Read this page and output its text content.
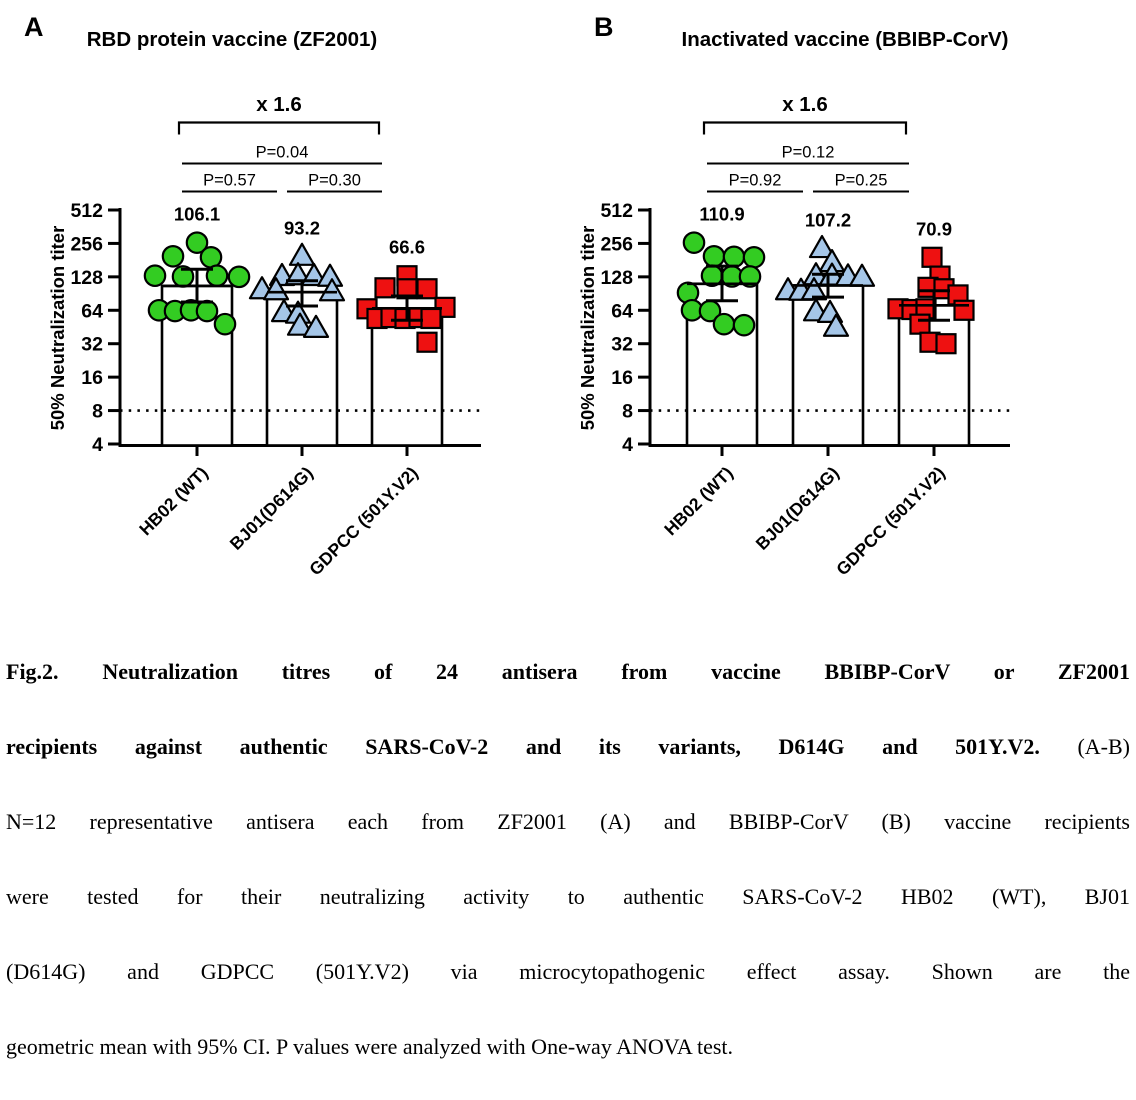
A RBD protein vaccine (ZF2001)
512
256
128
64
32
16
8
4
50% Neutralization titer
106.1
HB02 (WT)
93.2
BJ01(D614G)
66.6
GDPCC (501Y.V2)
P=0.04
P=0.57	P=0.30
x 1.6
B	Inactivated vaccine (BBIBP-CorV)
512
256
128
64
32
16
8
4
50% Neutralization titer
110.9
HB02 (WT)
107.2
BJ01(D614G)
70.9
GDPCC (501Y.V2)
P=0.12
P=0.92	P=0.25
x 1.6
Fig.2. Neutralization titres of 24 antisera from vaccine BBIBP-CorV or ZF2001
recipients against authentic SARS-CoV-2 and its variants, D614G and 501Y.V2. (A-B)
N=12 representative antisera each from ZF2001 (A) and BBIBP-CorV (B) vaccine recipients
were tested for their neutralizing activity to authentic SARS-CoV-2 HB02 (WT), BJ01
(D614G) and GDPCC (501Y.V2) via microcytopathogenic effect assay. Shown are the
geometric mean with 95% CI. P values were analyzed with One-way ANOVA test.
